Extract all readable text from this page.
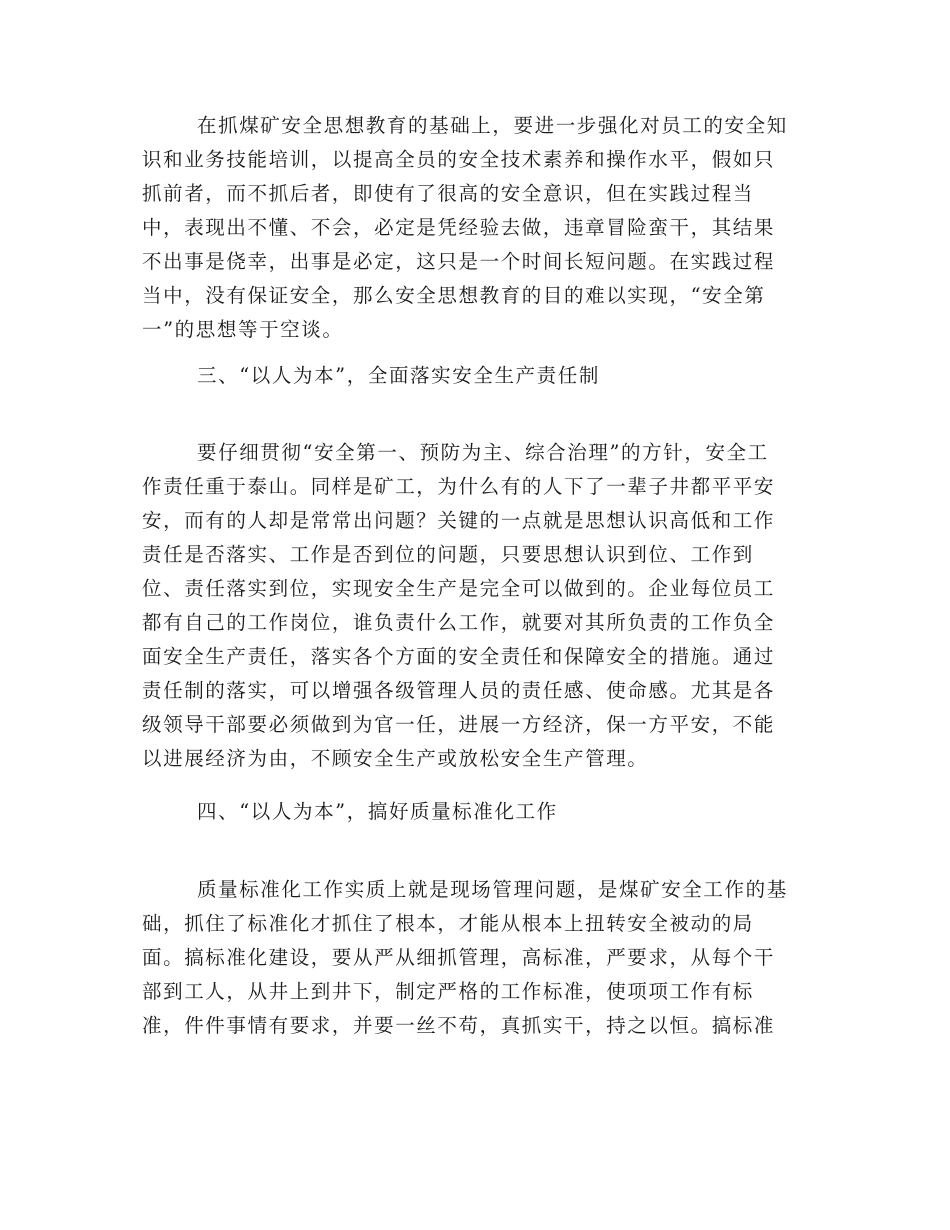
在抓煤矿安全思想教育的基础上，要进一步强化对员工的安全知
识和业务技能培训，以提高全员的安全技术素养和操作水平，假如只
抓前者，而不抓后者，即使有了很高的安全意识，但在实践过程当
中，表现出不懂、不会，必定是凭经验去做，违章冒险蛮干，其结果
不出事是侥幸，出事是必定，这只是一个时间长短问题。在实践过程
当中，没有保证安全，那么安全思想教育的目的难以实现，“安全第
一”的思想等于空谈。
三、“以人为本”，全面落实安全生产责任制
要仔细贯彻“安全第一、预防为主、综合治理”的方针，安全工
作责任重于泰山。同样是矿工，为什么有的人下了一辈子井都平平安
安，而有的人却是常常出问题？关键的一点就是思想认识高低和工作
责任是否落实、工作是否到位的问题，只要思想认识到位、工作到
位、责任落实到位，实现安全生产是完全可以做到的。企业每位员工
都有自己的工作岗位，谁负责什么工作，就要对其所负责的工作负全
面安全生产责任，落实各个方面的安全责任和保障安全的措施。通过
责任制的落实，可以增强各级管理人员的责任感、使命感。尤其是各
级领导干部要必须做到为官一任，进展一方经济，保一方平安，不能
以进展经济为由，不顾安全生产或放松安全生产管理。
四、“以人为本”，搞好质量标准化工作
质量标准化工作实质上就是现场管理问题，是煤矿安全工作的基
础，抓住了标准化才抓住了根本，才能从根本上扭转安全被动的局
面。搞标准化建设，要从严从细抓管理，高标准，严要求，从每个干
部到工人，从井上到井下，制定严格的工作标准，使项项工作有标
准，件件事情有要求，并要一丝不苟，真抓实干，持之以恒。搞标准
